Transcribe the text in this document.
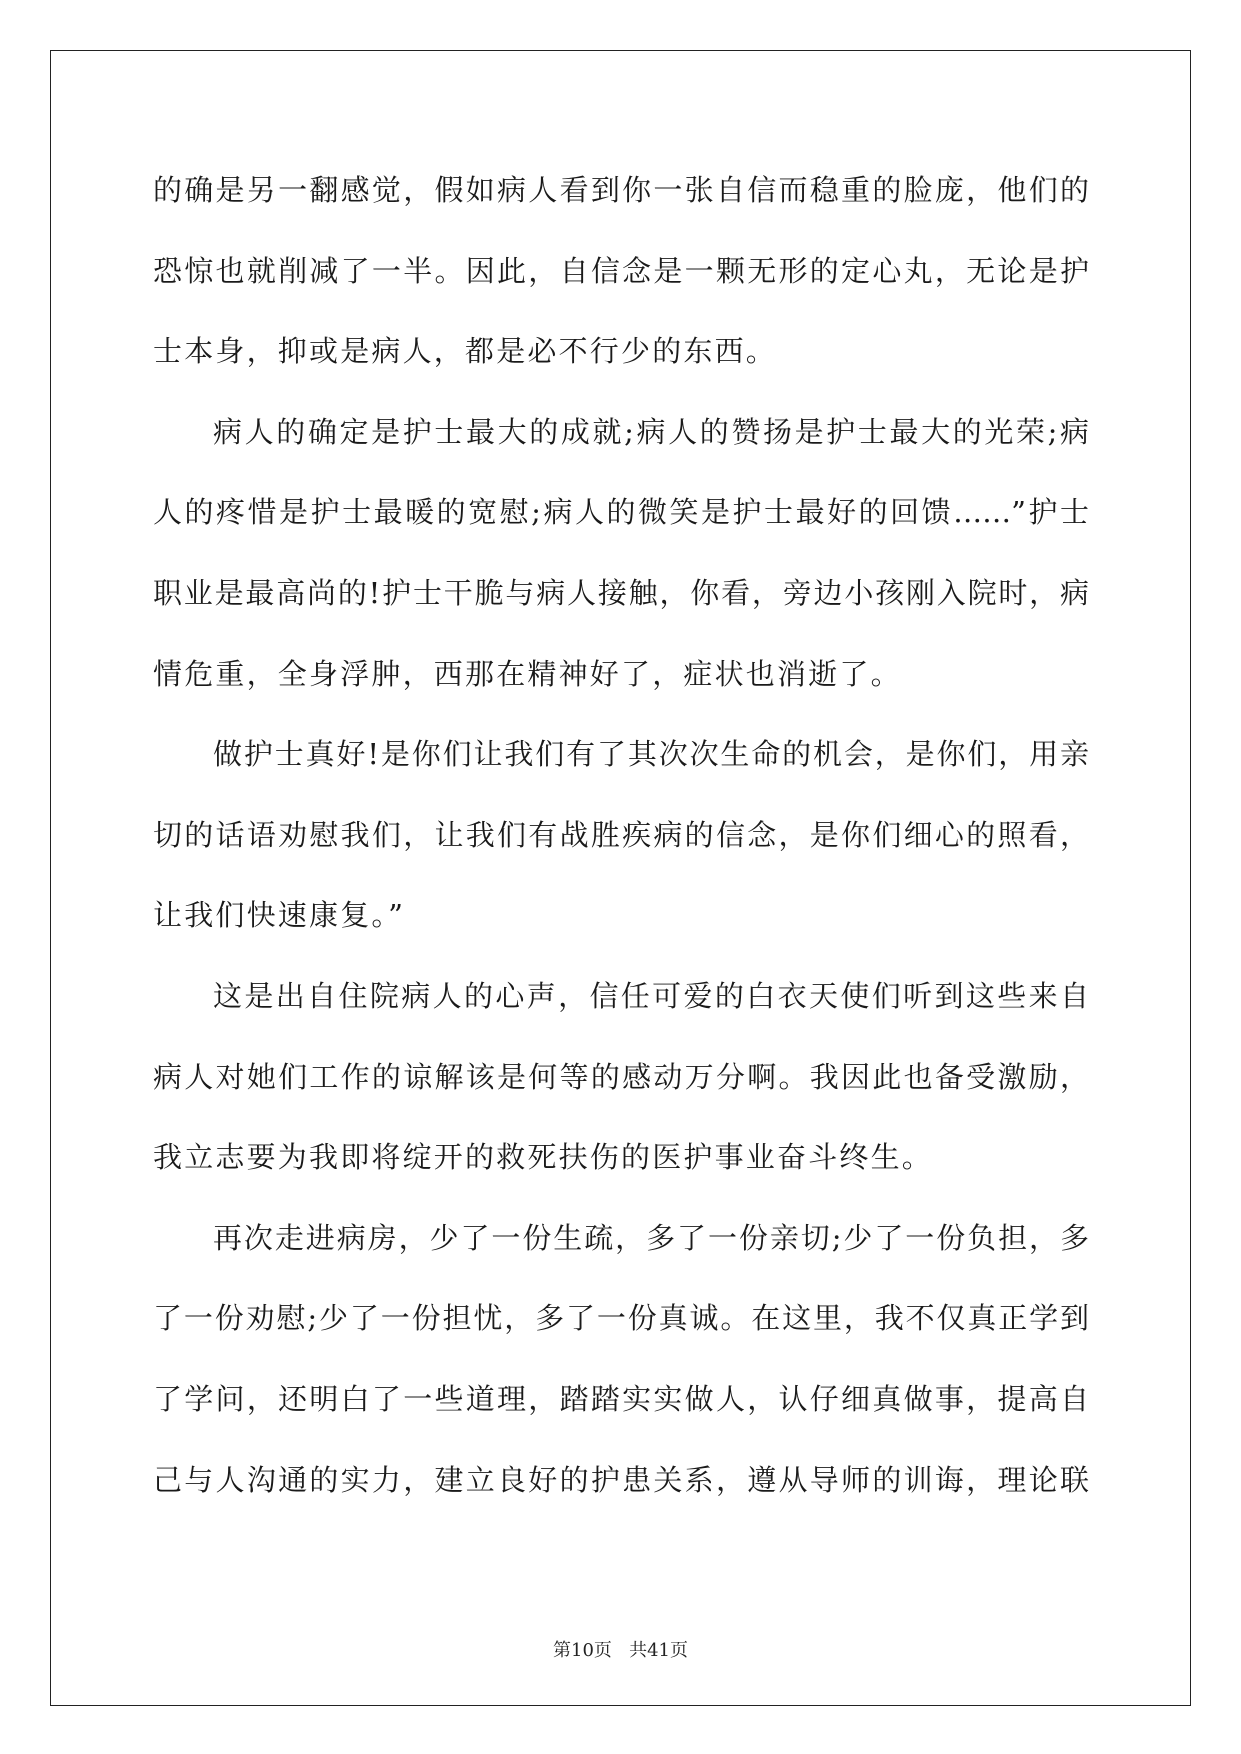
的确是另一翻感觉，假如病人看到你一张自信而稳重的脸庞，他们的
恐惊也就削减了一半。因此，自信念是一颗无形的定心丸，无论是护
士本身，抑或是病人，都是必不行少的东西。
病人的确定是护士最大的成就;病人的赞扬是护士最大的光荣;病
人的疼惜是护士最暖的宽慰;病人的微笑是护士最好的回馈……”护士
职业是最高尚的!护士干脆与病人接触，你看，旁边小孩刚入院时，病
情危重，全身浮肿，西那在精神好了，症状也消逝了。
做护士真好!是你们让我们有了其次次生命的机会，是你们，用亲
切的话语劝慰我们，让我们有战胜疾病的信念，是你们细心的照看，
让我们快速康复。”
这是出自住院病人的心声，信任可爱的白衣天使们听到这些来自
病人对她们工作的谅解该是何等的感动万分啊。我因此也备受激励，
我立志要为我即将绽开的救死扶伤的医护事业奋斗终生。
再次走进病房，少了一份生疏，多了一份亲切;少了一份负担，多
了一份劝慰;少了一份担忧，多了一份真诚。在这里，我不仅真正学到
了学问，还明白了一些道理，踏踏实实做人，认仔细真做事，提高自
己与人沟通的实力，建立良好的护患关系，遵从导师的训诲，理论联
第10页   共41页
